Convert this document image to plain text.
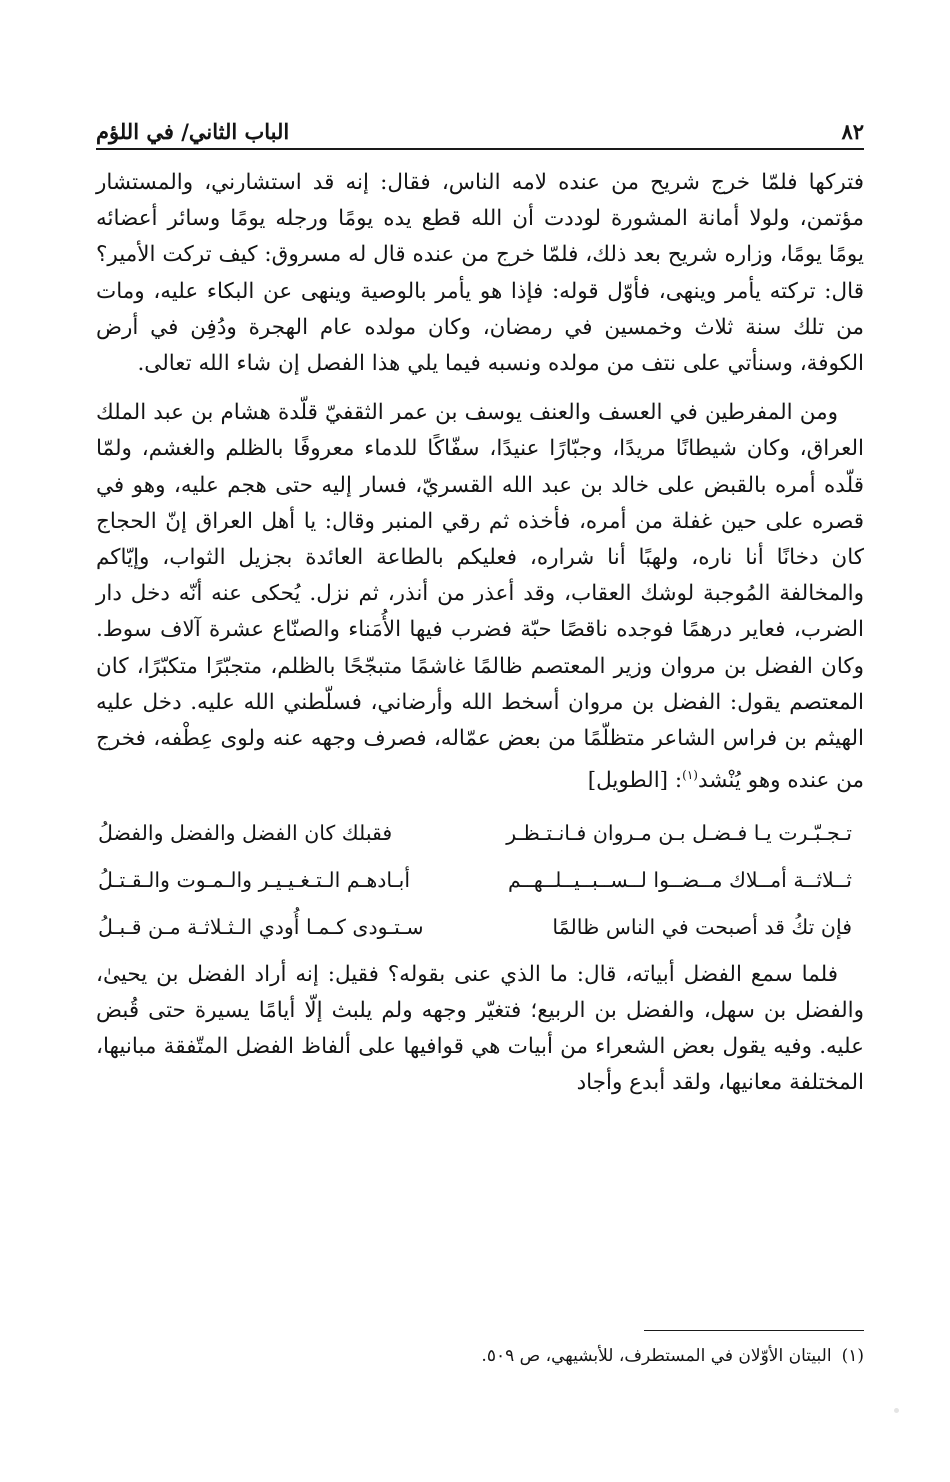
٨٢
الباب الثاني/ في اللؤم

فتركها فلمّا خرج شريح من عنده لامه الناس، فقال: إنه قد استشارني، والمستشار مؤتمن، ولولا أمانة المشورة لوددت أن الله قطع يده يومًا ورجله يومًا وسائر أعضائه يومًا يومًا، وزاره شريح بعد ذلك، فلمّا خرج من عنده قال له مسروق: كيف تركت الأمير؟ قال: تركته يأمر وينهى، فأوّل قوله: فإذا هو يأمر بالوصية وينهى عن البكاء عليه، ومات من تلك سنة ثلاث وخمسين في رمضان، وكان مولده عام الهجرة ودُفِن في أرض الكوفة، وسنأتي على نتف من مولده ونسبه فيما يلي هذا الفصل إن شاء الله تعالى.

ومن المفرطين في العسف والعنف يوسف بن عمر الثقفيّ قلّدة هشام بن عبد الملك العراق، وكان شيطانًا مريدًا، وجبّارًا عنيدًا، سفّاكًا للدماء معروفًا بالظلم والغشم، ولمّا قلّده أمره بالقبض على خالد بن عبد الله القسريّ، فسار إليه حتى هجم عليه، وهو في قصره على حين غفلة من أمره، فأخذه ثم رقي المنبر وقال: يا أهل العراق إنّ الحجاج كان دخانًا أنا ناره، ولهبًا أنا شراره، فعليكم بالطاعة العائدة بجزيل الثواب، وإيّاكم والمخالفة المُوجبة لوشك العقاب، وقد أعذر من أنذر، ثم نزل. يُحكى عنه أنّه دخل دار الضرب، فعاير درهمًا فوجده ناقصًا حبّة فضرب فيها الأُمَناء والصنّاع عشرة آلاف سوط. وكان الفضل بن مروان وزير المعتصم ظالمًا غاشمًا متبجّحًا بالظلم، متجبّرًا متكبّرًا، كان المعتصم يقول: الفضل بن مروان أسخط الله وأرضاني، فسلّطني الله عليه. دخل عليه الهيثم بن فراس الشاعر متظلّمًا من بعض عمّاله، فصرف وجهه عنه ولوى عِطْفه، فخرج من عنده وهو يُنْشد$^{(١)}$: [الطويل]

تـجـبّـرت يـا فـضـل بـن مـروان فـانـتـظـر
فقبلك كان الفضل والفضل والفضلُ
ثــلاثــة أمــلاك مــضــوا لــســبــيــلــهــم
أبـادهـم الـتـغـيـيـر والـمـوت والـقـتـلُ
فإن تكُ قد أصبحت في الناس ظالمًا
سـتـودى كـمـا أُودي الـثـلاثـة مـن قـبـلُ

فلما سمع الفضل أبياته، قال: ما الذي عنى بقوله؟ فقيل: إنه أراد الفضل بن يحيىٰ، والفضل بن سهل، والفضل بن الربيع؛ فتغيّر وجهه ولم يلبث إلّا أيامًا يسيرة حتى قُبض عليه. وفيه يقول بعض الشعراء من أبيات هي قوافيها على ألفاظ الفضل المتّفقة مبانيها، المختلفة معانيها، ولقد أبدع وأجاد

(١)البيتان الأوّلان في المستطرف، للأبشيهي، ص ٥٠٩.
